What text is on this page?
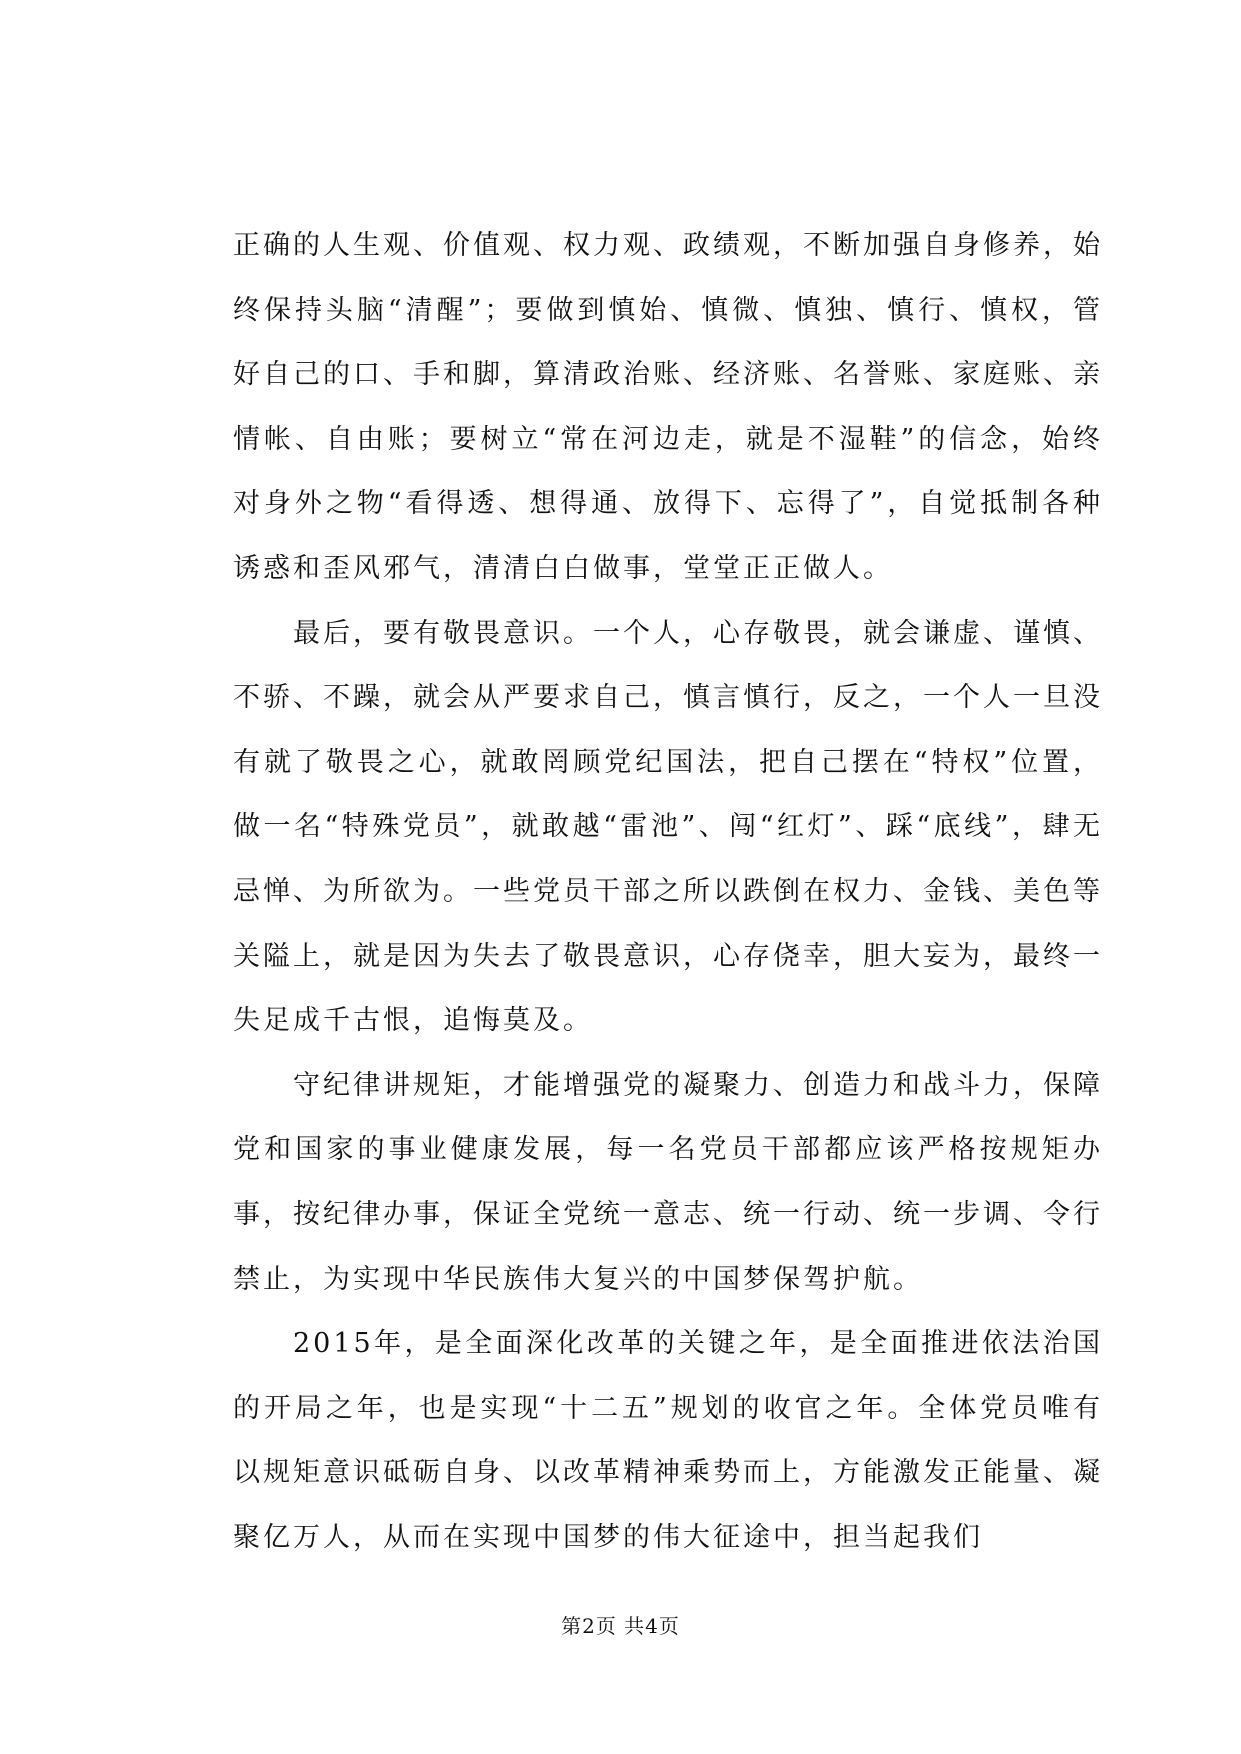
正确的人生观、价值观、权力观、政绩观，不断加强自身修养，始终保持头脑“清醒”；要做到慎始、慎微、慎独、慎行、慎权，管好自己的口、手和脚，算清政治账、经济账、名誉账、家庭账、亲情帐、自由账；要树立“常在河边走，就是不湿鞋”的信念，始终对身外之物“看得透、想得通、放得下、忘得了”，自觉抵制各种诱惑和歪风邪气，清清白白做事，堂堂正正做人。

最后，要有敬畏意识。一个人，心存敬畏，就会谦虚、谨慎、不骄、不躁，就会从严要求自己，慎言慎行，反之，一个人一旦没有就了敬畏之心，就敢罔顾党纪国法，把自己摆在“特权”位置，做一名“特殊党员”，就敢越“雷池”、闯“红灯”、踩“底线”，肆无忌惮、为所欲为。一些党员干部之所以跌倒在权力、金钱、美色等关隘上，就是因为失去了敬畏意识，心存侥幸，胆大妄为，最终一失足成千古恨，追悔莫及。

守纪律讲规矩，才能增强党的凝聚力、创造力和战斗力，保障党和国家的事业健康发展，每一名党员干部都应该严格按规矩办事，按纪律办事，保证全党统一意志、统一行动、统一步调、令行禁止，为实现中华民族伟大复兴的中国梦保驾护航。

2015年，是全面深化改革的关键之年，是全面推进依法治国的开局之年，也是实现“十二五”规划的收官之年。全体党员唯有以规矩意识砥砺自身、以改革精神乘势而上，方能激发正能量、凝聚亿万人，从而在实现中国梦的伟大征途中，担当起我们

第2页 共4页
